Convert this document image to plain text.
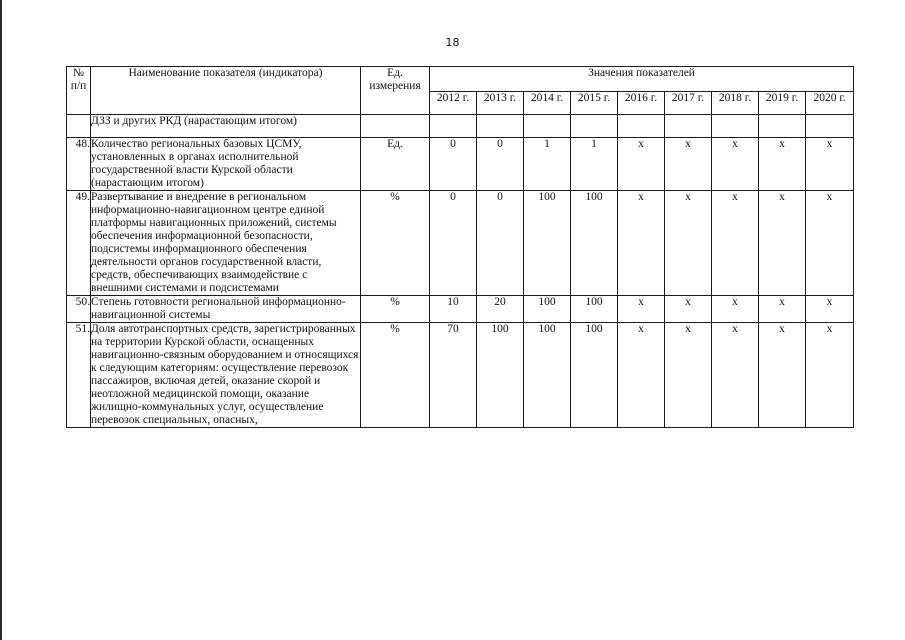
18
№ п/п	Наименование показателя (индикатора)	Ед. измерения	Значения показателей								
			2012 г.	2013 г.	2014 г.	2015 г.	2016 г.	2017 г.	2018 г.	2019 г.	2020 г.
	ДЗЗ и других РКД (нарастающим итогом)										
48.	Количество региональных базовых ЦСМУ, установленных в органах исполнительной государственной власти Курской области (нарастающим итогом)	Ед.	0	0	1	1	x	x	x	x	x
49.	Развертывание и внедрение в региональном информационно-навигационном центре единой платформы навигационных приложений, системы обеспечения информационной безопасности, подсистемы информационного обеспечения деятельности органов государственной власти, средств, обеспечивающих взаимодействие с внешними системами и подсистемами	%	0	0	100	100	x	x	x	x	x
50.	Степень готовности региональной информационно-навигационной системы	%	10	20	100	100	x	x	x	x	x
51.	Доля автотранспортных средств, зарегистрированных на территории Курской области, оснащенных навигационно-связным оборудованием и относящихся к следующим категориям: осуществление перевозок пассажиров, включая детей, оказание скорой и неотложной медицинской помощи, оказание жилищно-коммунальных услуг, осуществление перевозок специальных, опасных,	%	70	100	100	100	x	x	x	x	x
